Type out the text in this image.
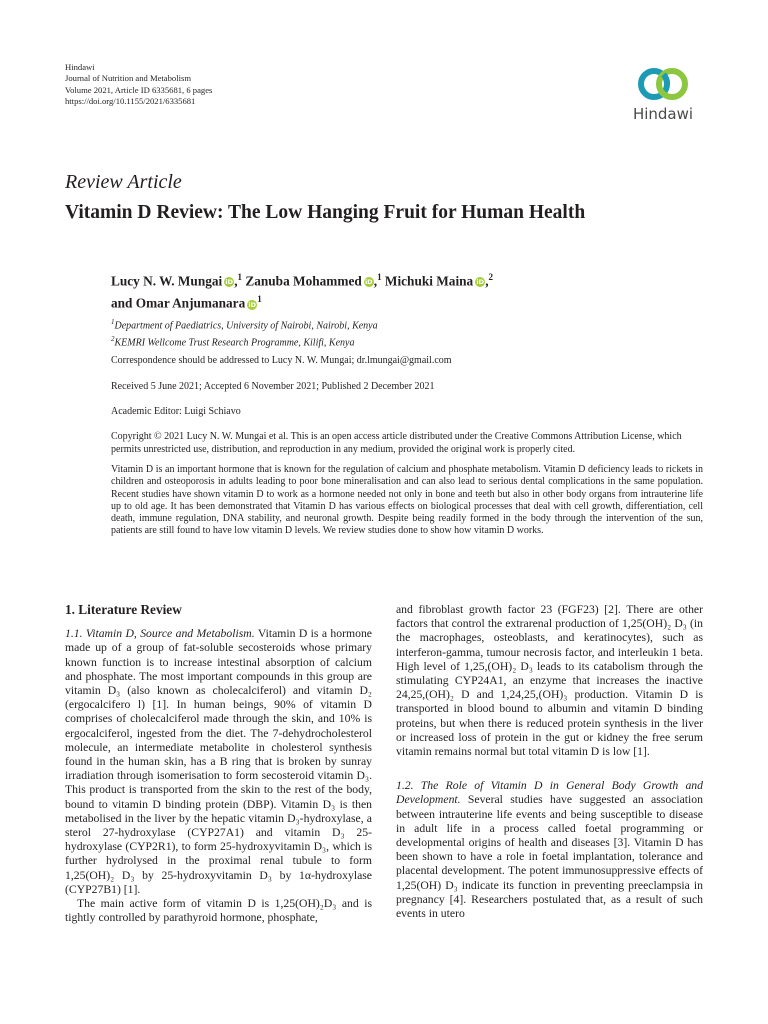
Hindawi
Journal of Nutrition and Metabolism
Volume 2021, Article ID 6335681, 6 pages
https://doi.org/10.1155/2021/6335681
Hindawi
Review Article
Vitamin D Review: The Low Hanging Fruit for Human Health
Lucy N. W. Mungai iD,$^1$ Zanuba Mohammed iD,$^1$ Michuki Maina iD,$^2$
and Omar Anjumanara $iD^1$
$^1$Department of Paediatrics, University of Nairobi, Nairobi, Kenya
$^2$KEMRI Wellcome Trust Research Programme, Kilifi, Kenya
Correspondence should be addressed to Lucy N. W. Mungai; dr.lmungai@gmail.com
Received 5 June 2021; Accepted 6 November 2021; Published 2 December 2021
Academic Editor: Luigi Schiavo
Copyright © 2021 Lucy N. W. Mungai et al. This is an open access article distributed under the Creative Commons Attribution License, which permits unrestricted use, distribution, and reproduction in any medium, provided the original work is properly cited.
Vitamin D is an important hormone that is known for the regulation of calcium and phosphate metabolism. Vitamin D deficiency leads to rickets in children and osteoporosis in adults leading to poor bone mineralisation and can also lead to serious dental complications in the same population. Recent studies have shown vitamin D to work as a hormone needed not only in bone and teeth but also in other body organs from intrauterine life up to old age. It has been demonstrated that Vitamin D has various effects on biological processes that deal with cell growth, differentiation, cell death, immune regulation, DNA stability, and neuronal growth. Despite being readily formed in the body through the intervention of the sun, patients are still found to have low vitamin D levels. We review studies done to show how vitamin D works.
1. Literature Review

1.1. Vitamin D, Source and Metabolism. Vitamin D is a hormone made up of a group of fat-soluble secosteroids whose primary known function is to increase intestinal absorption of calcium and phosphate. The most important compounds in this group are vitamin D₃ (also known as cholecalciferol) and vitamin D₂ (ergocalcifero l) [1]. In human beings, 90% of vitamin D comprises of cholecalciferol made through the skin, and 10% is ergocalciferol, ingested from the diet. The 7-dehydrocholesterol molecule, an intermediate metabolite in cholesterol synthesis found in the human skin, has a B ring that is broken by sunray irradiation through isomerisation to form secosteroid vitamin D₃. This product is transported from the skin to the rest of the body, bound to vitamin D binding protein (DBP). Vitamin D₃ is then metabolised in the liver by the hepatic vitamin D₃-hydroxylase, a sterol 27-hydroxylase (CYP27A1) and vitamin D₃ 25-hydroxylase (CYP2R1), to form 25-hydroxyvitamin D₃, which is further hydrolysed in the proximal renal tubule to form 1,25(OH)₂ D₃ by 25-hydroxyvitamin D₃ by 1α-hydroxylase (CYP27B1) [1].

The main active form of vitamin D is 1,25(OH)₂D₃ and is tightly controlled by parathyroid hormone, phosphate,

and fibroblast growth factor 23 (FGF23) [2]. There are other factors that control the extrarenal production of 1,25(OH)₂ D₃ (in the macrophages, osteoblasts, and keratinocytes), such as interferon-gamma, tumour necrosis factor, and interleukin 1 beta. High level of 1,25,(OH)₂ D₃ leads to its catabolism through the stimulating CYP24A1, an enzyme that increases the inactive 24,25,(OH)₂ D and 1,24,25,(OH)₃ production. Vitamin D is transported in blood bound to albumin and vitamin D binding proteins, but when there is reduced protein synthesis in the liver or increased loss of protein in the gut or kidney the free serum vitamin remains normal but total vitamin D is low [1].

1.2. The Role of Vitamin D in General Body Growth and Development. Several studies have suggested an association between intrauterine life events and being susceptible to disease in adult life in a process called foetal programming or developmental origins of health and diseases [3]. Vitamin D has been shown to have a role in foetal implantation, tolerance and placental development. The potent immunosuppressive effects of 1,25(OH) D₃ indicate its function in preventing preeclampsia in pregnancy [4]. Researchers postulated that, as a result of such events in utero
